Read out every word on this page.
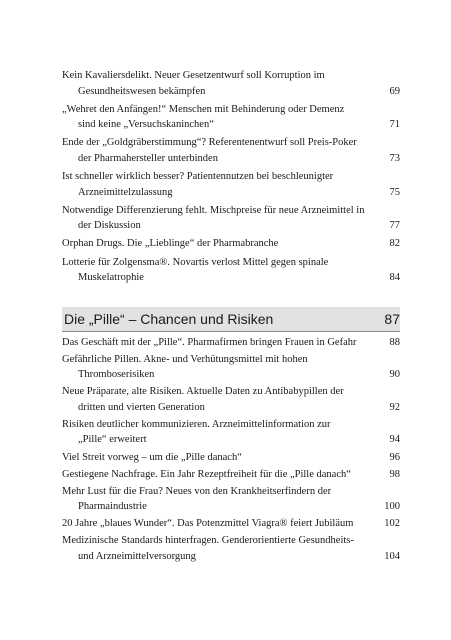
Kein Kavaliersdelikt. Neuer Gesetzentwurf soll Korruption im
Gesundheitswesen bekämpfen	69
„Wehret den Anfängen!“ Menschen mit Behinderung oder Demenz
sind keine „Versuchskaninchen“	71
Ende der „Goldgräberstimmung“? Referentenentwurf soll Preis-Poker
der Pharmahersteller unterbinden	73
Ist schneller wirklich besser? Patientennutzen bei beschleunigter
Arzneimittelzulassung	75
Notwendige Differenzierung fehlt. Mischpreise für neue Arzneimittel in
der Diskussion	77
Orphan Drugs. Die „Lieblinge“ der Pharmabranche	82
Lotterie für Zolgensma®. Novartis verlost Mittel gegen spinale
Muskelatrophie	84
Die „Pille“ – Chancen und Risiken	87
Das Geschäft mit der „Pille“. Pharmafirmen bringen Frauen in Gefahr	88
Gefährliche Pillen. Akne- und Verhütungsmittel mit hohen
Thromboserisiken	90
Neue Präparate, alte Risiken. Aktuelle Daten zu Antibabypillen der
dritten und vierten Generation	92
Risiken deutlicher kommunizieren. Arzneimittelinformation zur
„Pille“ erweitert	94
Viel Streit vorweg – um die „Pille danach“	96
Gestiegene Nachfrage. Ein Jahr Rezeptfreiheit für die „Pille danach“	98
Mehr Lust für die Frau? Neues von den Krankheitserfindern der
Pharmaindustrie	100
20 Jahre „blaues Wunder“. Das Potenzmittel Viagra® feiert Jubiläum	102
Medizinische Standards hinterfragen. Genderorientierte Gesundheits-
und Arzneimittelversorgung	104
